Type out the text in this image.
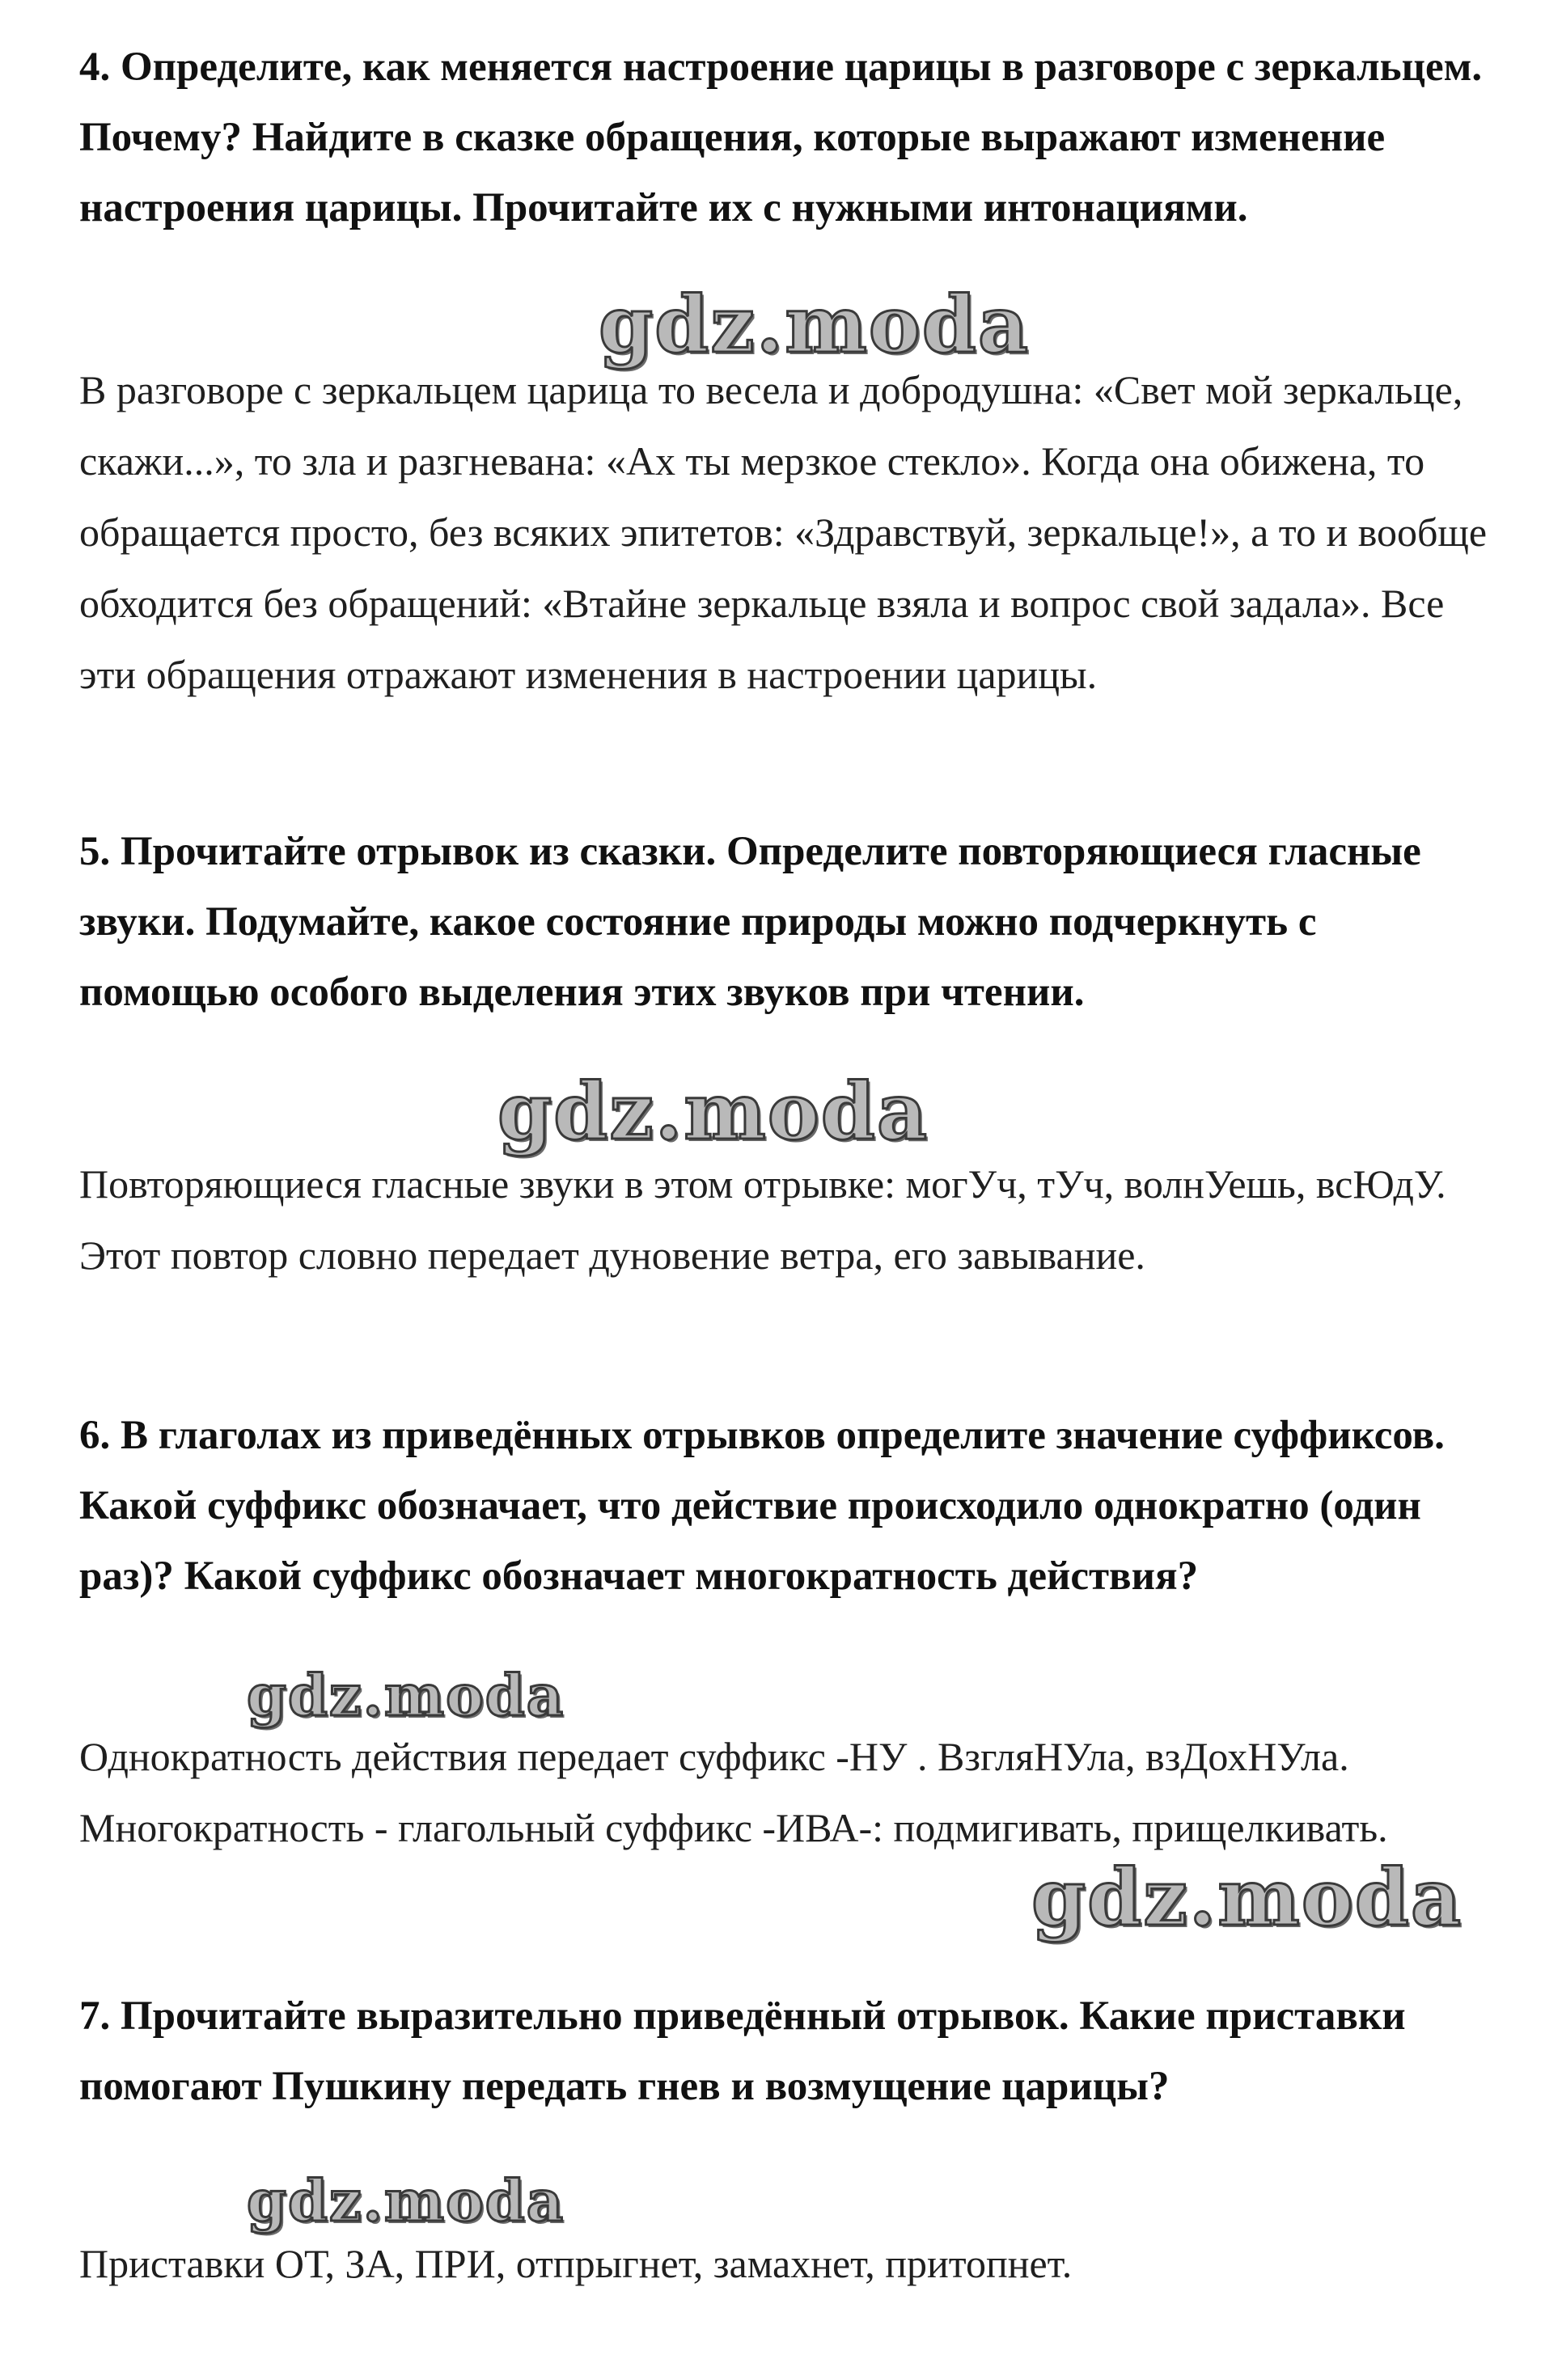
4. Определите, как меняется настроение царицы в разговоре с зеркальцем. Почему? Найдите в сказке обращения, которые выражают изменение настроения царицы. Прочитайте их с нужными интонациями.

В разговоре с зеркальцем царица то весела и добродушна: «Свет мой зеркальце, скажи...», то зла и разгневана: «Ах ты мерзкое стекло». Когда она обижена, то обращается просто, без всяких эпитетов: «Здравствуй, зеркальце!», а то и вообще обходится без обращений: «Втайне зеркальце взяла и вопрос свой задала». Все эти обращения отражают изменения в настроении царицы.

5. Прочитайте отрывок из сказки. Определите повторяющиеся гласные звуки. Подумайте, какое состояние природы можно подчеркнуть с помощью особого выделения этих звуков при чтении.

Повторяющиеся гласные звуки в этом отрывке: могУч, тУч, волнУешь, всЮдУ. Этот повтор словно передает дуновение ветра, его завывание.

6. В глаголах из приведённых отрывков определите значение суффиксов. Какой суффикс обозначает, что действие происходило однократно (один раз)? Какой суффикс обозначает многократность действия?

Однократность действия передает суффикс -НУ . ВзгляНУла, взДохНУла. Многократность - глагольный суффикс -ИВА-: подмигивать, прищелкивать.

7. Прочитайте выразительно приведённый отрывок. Какие приставки помогают Пушкину передать гнев и возмущение царицы?

Приставки ОТ, ЗА, ПРИ, отпрыгнет, замахнет, притопнет.

gdz.moda
gdz.moda
gdz.moda
gdz.moda
gdz.moda
